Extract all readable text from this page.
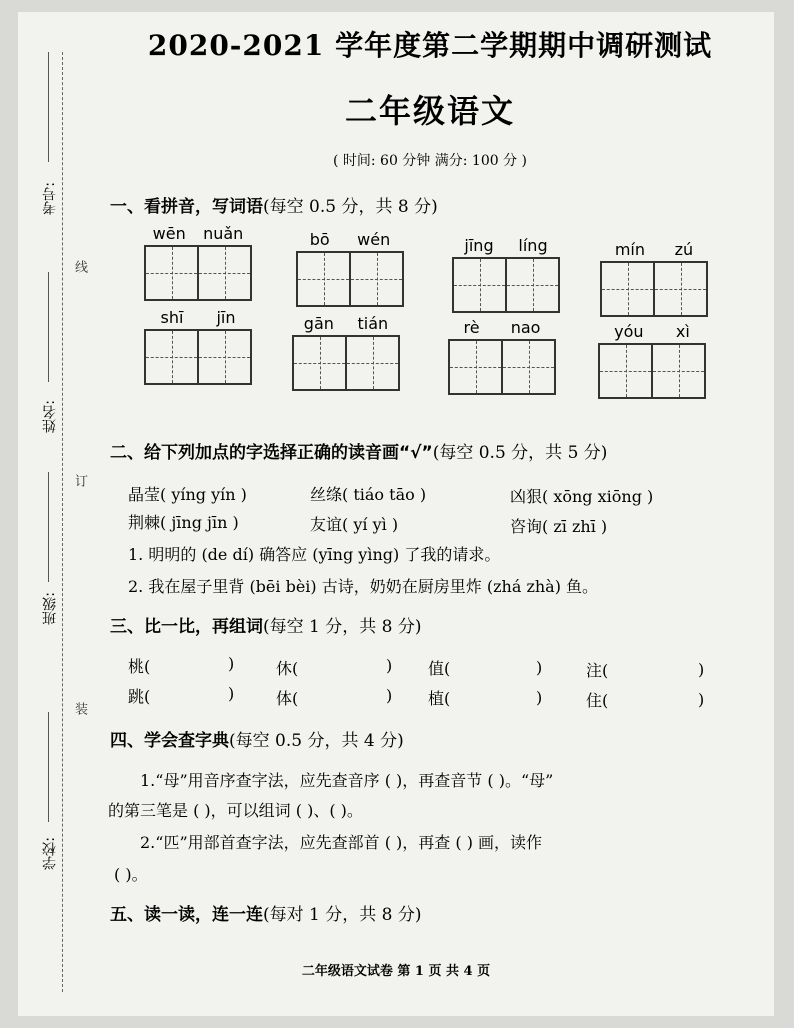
考号:
姓名:
班级:
学校:
线
订
装
2020-2021 学年度第二学期期中调研测试
二年级语文
( 时间: 60 分钟 满分: 100 分 )
一、看拼音，写词语(每空 0.5 分，共 8 分)
wēn nuǎn	bō wén	jīng líng	mín zú
shī jīn	gān tián	rè nao	yóu xì
二、给下列加点的字选择正确的读音画“√”(每空 0.5 分，共 5 分)
晶莹( yíng yín )	丝绦( tiáo tāo )	凶狠( xōng xiōng )
荆棘( jīng jīn )	友谊( yí yì )	咨询( zī zhī )
1. 明明的 (de dí) 确答应 (yīng yìng) 了我的请求。
2. 我在屋子里背 (bēi bèi) 古诗，奶奶在厨房里炸 (zhá zhà) 鱼。
三、比一比，再组词(每空 1 分，共 8 分)
桃(	)	休(	) 值(	)	注(	)
跳(	)	体(	) 植(	)	住(	)
四、学会查字典(每空 0.5 分，共 4 分)
1.“母”用音序查字法，应先查音序 ( )，再查音节 ( )。“母”
的第三笔是 ( )，可以组词 ( )、( )。
2.“匹”用部首查字法，应先查部首 ( )，再查 ( ) 画，读作
( )。
五、读一读，连一连(每对 1 分，共 8 分)
二年级语文试卷 第 1 页 共 4 页
